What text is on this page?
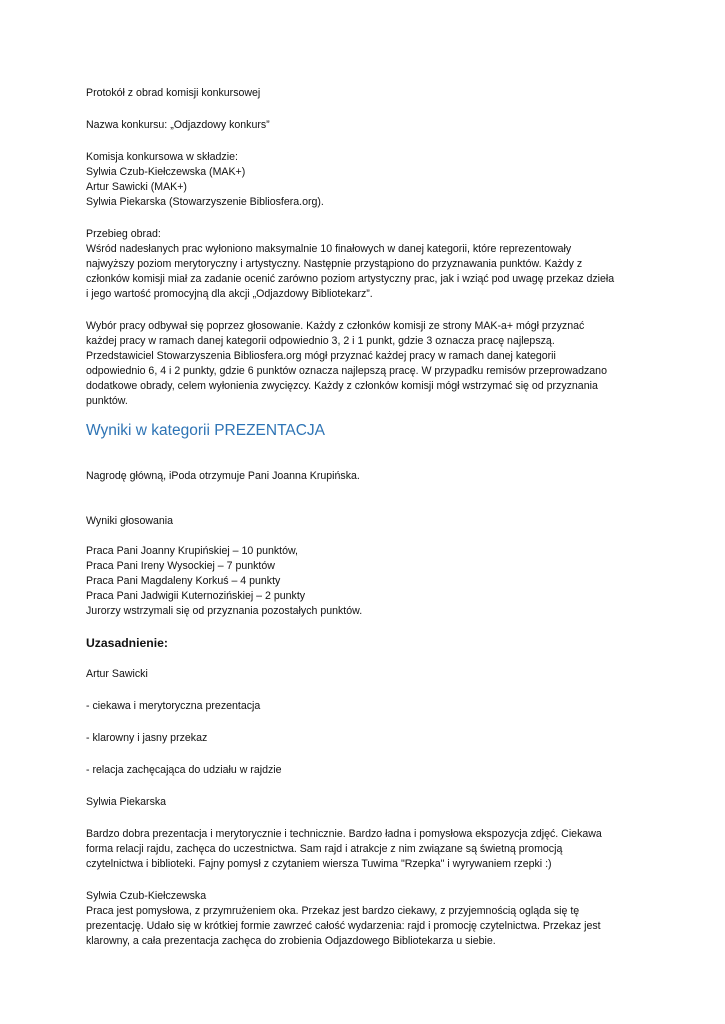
Protokół z obrad komisji konkursowej

Nazwa konkursu: „Odjazdowy konkurs”

Komisja konkursowa w składzie:

Sylwia Czub-Kiełczewska (MAK+)

Artur Sawicki (MAK+)

Sylwia Piekarska (Stowarzyszenie Bibliosfera.org).

Przebieg obrad:

Wśród nadesłanych prac wyłoniono maksymalnie 10 finałowych w danej kategorii, które reprezentowały

najwyższy poziom merytoryczny i artystyczny. Następnie przystąpiono do przyznawania punktów. Każdy z

członków komisji miał za zadanie ocenić zarówno poziom artystyczny prac, jak i wziąć pod uwagę przekaz dzieła

i jego wartość promocyjną dla akcji „Odjazdowy Bibliotekarz”.

Wybór pracy odbywał się poprzez głosowanie. Każdy z członków komisji ze strony MAK-a+ mógł przyznać

każdej pracy w ramach danej kategorii odpowiednio 3, 2 i 1 punkt, gdzie 3 oznacza pracę najlepszą.

Przedstawiciel Stowarzyszenia Bibliosfera.org mógł przyznać każdej pracy w ramach danej kategorii

odpowiednio 6, 4 i 2 punkty, gdzie 6 punktów oznacza najlepszą pracę. W przypadku remisów przeprowadzano

dodatkowe obrady, celem wyłonienia zwycięzcy. Każdy z członków komisji mógł wstrzymać się od przyznania

punktów.

Wyniki w kategorii PREZENTACJA

Nagrodę główną, iPoda otrzymuje Pani Joanna Krupińska.

Wyniki głosowania

Praca Pani Joanny Krupińskiej – 10 punktów,

Praca Pani Ireny Wysockiej – 7 punktów

Praca Pani Magdaleny Korkuś – 4 punkty

Praca Pani Jadwigii Kuternozińskiej – 2 punkty

Jurorzy wstrzymali się od przyznania pozostałych punktów.

Uzasadnienie:

Artur Sawicki

- ciekawa i merytoryczna prezentacja

- klarowny i jasny przekaz

- relacja zachęcająca do udziału w rajdzie

Sylwia Piekarska

Bardzo dobra prezentacja i merytorycznie i technicznie. Bardzo ładna i pomysłowa ekspozycja zdjęć. Ciekawa

forma relacji rajdu, zachęca do uczestnictwa. Sam rajd i atrakcje z nim związane są świetną promocją

czytelnictwa i biblioteki. Fajny pomysł z czytaniem wiersza Tuwima "Rzepka" i wyrywaniem rzepki :)

Sylwia Czub-Kiełczewska

Praca jest pomysłowa, z przymrużeniem oka. Przekaz jest bardzo ciekawy, z przyjemnością ogląda się tę

prezentację. Udało się w krótkiej formie zawrzeć całość wydarzenia: rajd i promocję czytelnictwa. Przekaz jest

klarowny, a cała prezentacja zachęca do zrobienia Odjazdowego Bibliotekarza u siebie.
